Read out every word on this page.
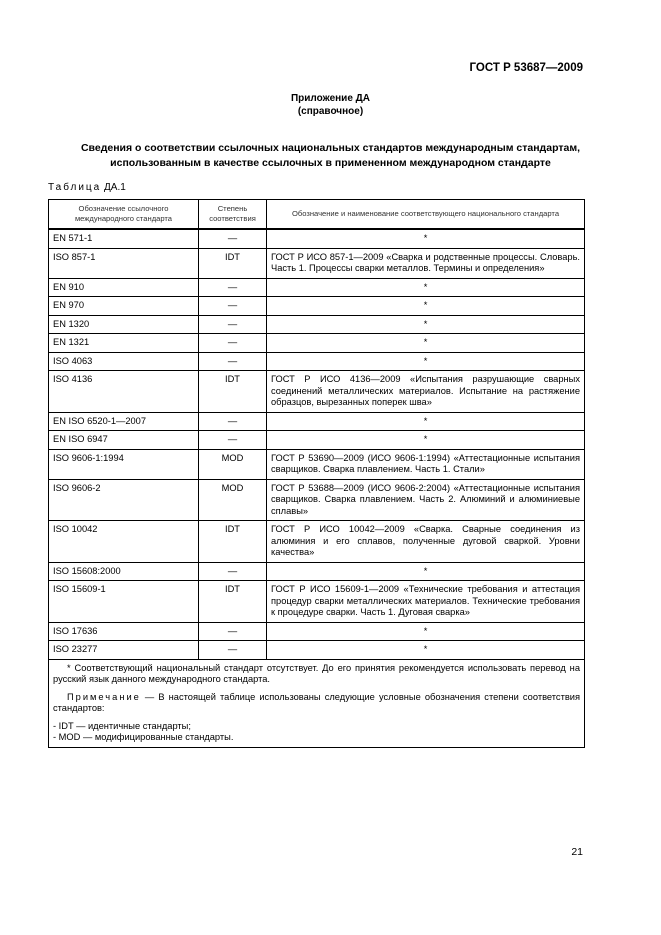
ГОСТ Р 53687—2009
Приложение ДА
(справочное)
Сведения о соответствии ссылочных национальных стандартов международным стандартам,
использованным в качестве ссылочных в примененном международном стандарте
Таблица ДА.1
Обозначение ссылочного международного стандарта	Степень соответствия	Обозначение и наименование соответствующего национального стандарта
EN 571-1	—	*
ISO 857-1	IDT	ГОСТ Р ИСО 857-1—2009 «Сварка и родственные процессы. Словарь. Часть 1. Процессы сварки металлов. Термины и определения»
EN 910	—	*
EN 970	—	*
EN 1320	—	*
EN 1321	—	*
ISO 4063	—	*
ISO 4136	IDT	ГОСТ Р ИСО 4136—2009 «Испытания разрушающие сварных соединений металлических материалов. Испытание на растяжение образцов, вырезанных поперек шва»
EN ISO 6520-1—2007	—	*
EN ISO 6947	—	*
ISO 9606-1:1994	MOD	ГОСТ Р 53690—2009 (ИСО 9606-1:1994) «Аттестационные испытания сварщиков. Сварка плавлением. Часть 1. Стали»
ISO 9606-2	MOD	ГОСТ Р 53688—2009 (ИСО 9606-2:2004) «Аттестационные испытания сварщиков. Сварка плавлением. Часть 2. Алюминий и алюминиевые сплавы»
ISO 10042	IDT	ГОСТ Р ИСО 10042—2009 «Сварка. Сварные соединения из алюминия и его сплавов, полученные дуговой сваркой. Уровни качества»
ISO 15608:2000	—	*
ISO 15609-1	IDT	ГОСТ Р ИСО 15609-1—2009 «Технические требования и аттестация процедур сварки металлических материалов. Технические требования к процедуре сварки. Часть 1. Дуговая сварка»
ISO 17636	—	*
ISO 23277	—	*

* Соответствующий национальный стандарт отсутствует. До его принятия рекомендуется использовать перевод на русский язык данного международного стандарта.

Примечание — В настоящей таблице использованы следующие условные обозначения степени соответствия стандартов:

- IDT — идентичные стандарты;

- MOD — модифицированные стандарты.		

21
